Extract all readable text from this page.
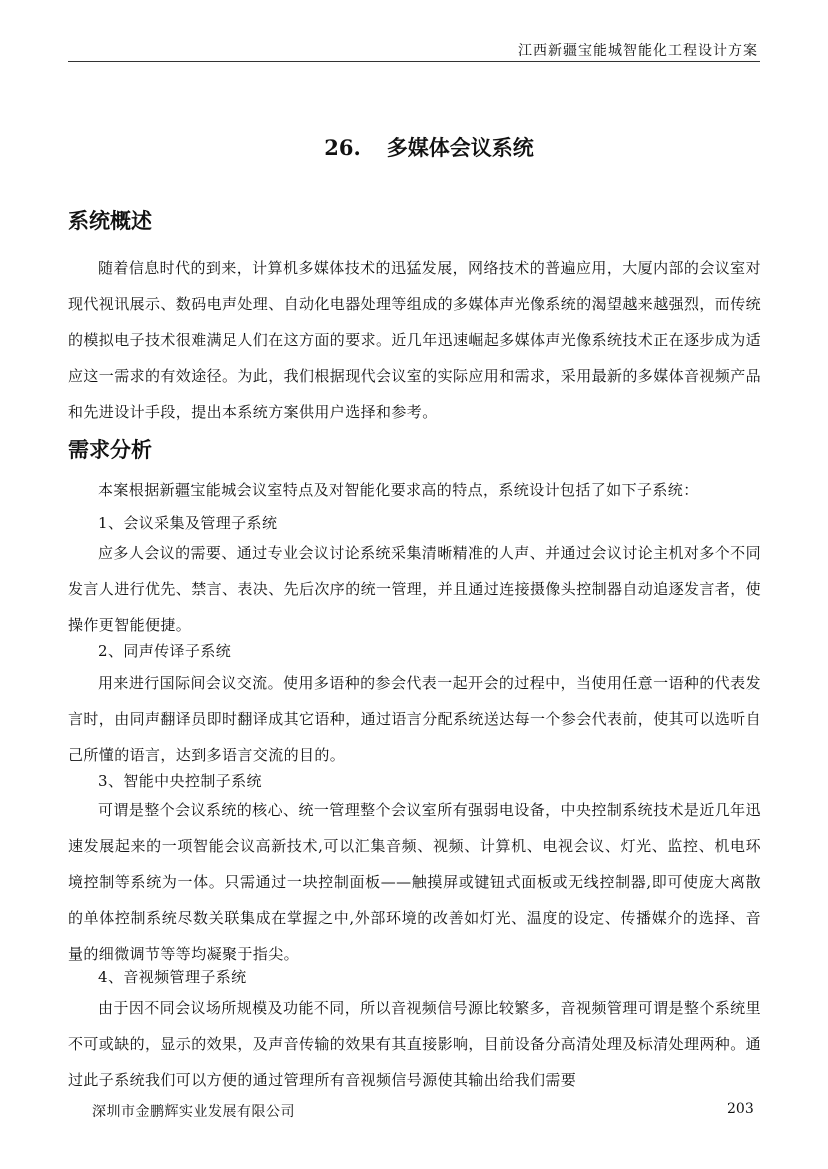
江西新疆宝能城智能化工程设计方案
26. 多媒体会议系统
系统概述
随着信息时代的到来，计算机多媒体技术的迅猛发展，网络技术的普遍应用，大厦内部的会议室对现代视讯展示、数码电声处理、自动化电器处理等组成的多媒体声光像系统的渴望越来越强烈，而传统的模拟电子技术很难满足人们在这方面的要求。近几年迅速崛起多媒体声光像系统技术正在逐步成为适应这一需求的有效途径。为此，我们根据现代会议室的实际应用和需求，采用最新的多媒体音视频产品和先进设计手段，提出本系统方案供用户选择和参考。
需求分析
本案根据新疆宝能城会议室特点及对智能化要求高的特点，系统设计包括了如下子系统：
1、会议采集及管理子系统
应多人会议的需要、通过专业会议讨论系统采集清晰精准的人声、并通过会议讨论主机对多个不同发言人进行优先、禁言、表决、先后次序的统一管理，并且通过连接摄像头控制器自动追逐发言者，使操作更智能便捷。
2、同声传译子系统
用来进行国际间会议交流。使用多语种的参会代表一起开会的过程中，当使用任意一语种的代表发言时，由同声翻译员即时翻译成其它语种，通过语言分配系统送达每一个参会代表前，使其可以选听自己所懂的语言，达到多语言交流的目的。
3、智能中央控制子系统
可谓是整个会议系统的核心、统一管理整个会议室所有强弱电设备，中央控制系统技术是近几年迅速发展起来的一项智能会议高新技术,可以汇集音频、视频、计算机、电视会议、灯光、监控、机电环境控制等系统为一体。只需通过一块控制面板——触摸屏或键钮式面板或无线控制器,即可使庞大离散的单体控制系统尽数关联集成在掌握之中,外部环境的改善如灯光、温度的设定、传播媒介的选择、音量的细微调节等等均凝聚于指尖。
4、音视频管理子系统
由于因不同会议场所规模及功能不同，所以音视频信号源比较繁多，音视频管理可谓是整个系统里不可或缺的，显示的效果，及声音传输的效果有其直接影响，目前设备分高清处理及标清处理两种。通过此子系统我们可以方便的通过管理所有音视频信号源使其输出给我们需要
深圳市金鹏辉实业发展有限公司	203
